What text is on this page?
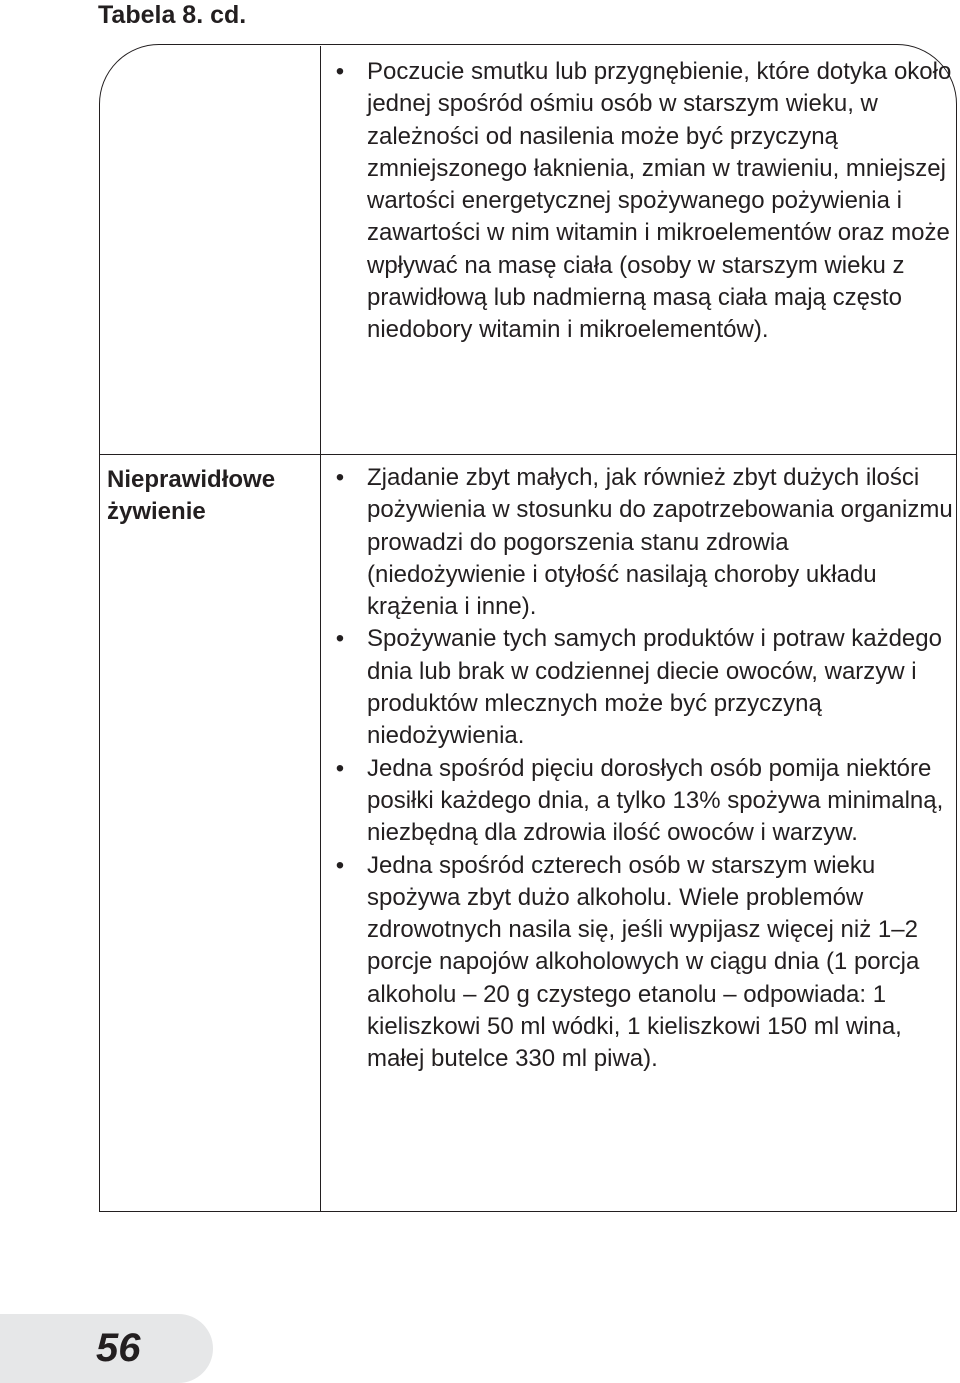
Tabela 8. cd.
Nieprawidłowe żywienie
• Poczucie smutku lub przygnębienie, które dotyka około jednej spośród ośmiu osób w starszym wieku, w zależności od nasilenia może być przyczyną zmniejszonego łaknienia, zmian w trawieniu, mniejszej wartości energetycznej spożywanego pożywienia i zawartości w nim witamin i mikroelementów oraz może wpływać na masę ciała (osoby w starszym wieku z prawidłową lub nadmierną masą ciała mają często niedobory witamin i mikroelementów).
• Zjadanie zbyt małych, jak również zbyt dużych ilości pożywienia w stosunku do zapotrzebowania organizmu prowadzi do pogorszenia stanu zdrowia (niedożywienie i otyłość nasilają choroby układu krążenia i inne).
• Spożywanie tych samych produktów i potraw każdego dnia lub brak w codziennej diecie owoców, warzyw i produktów mlecznych może być przyczyną niedożywienia.
• Jedna spośród pięciu dorosłych osób pomija niektóre posiłki każdego dnia, a tylko 13% spożywa minimalną, niezbędną dla zdrowia ilość owoców i warzyw.
• Jedna spośród czterech osób w starszym wieku spożywa zbyt dużo alkoholu. Wiele problemów zdrowotnych nasila się, jeśli wypijasz więcej niż 1–2 porcje napojów alkoholowych w ciągu dnia (1 porcja alkoholu – 20 g czystego etanolu – odpowiada: 1 kieliszkowi 50 ml wódki, 1 kieliszkowi 150 ml wina, małej butelce 330 ml piwa).
56
